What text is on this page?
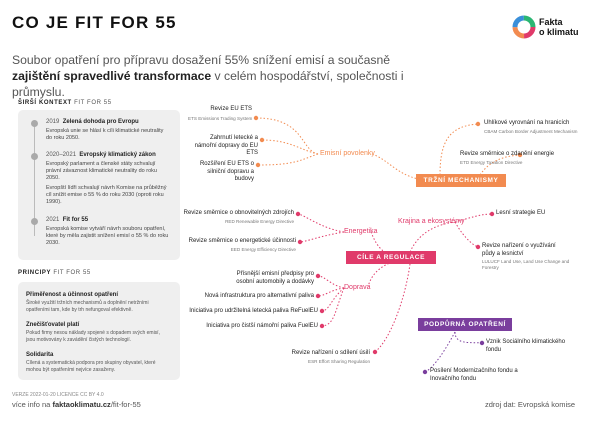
CO JE FIT FOR 55	Fakta
o klimatu
Soubor opatření pro přípravu dosažení 55% snížení emisí a současně zajištění spravedlivé transformace v celém hospodářství, společnosti i průmyslu.
ŠIRŠÍ KONTEXT FIT FOR 55
2019 Zelená dohoda pro Evropu
Evropská unie se hlásí k cíli klimatické neutrality do roku 2050.
2020–2021 Evropský klimatický zákon
Evropský parlament a členské státy schvalují právní závaznost klimatické neutrality do roku 2050.
Evropští lídři schvalují návrh Komise na průběžný cíl snížit emise o 55 % do roku 2030 (oproti roku 1990).
2021 Fit for 55
Evropská komise vytváří návrh souboru opatření, které by měla zajistit snížení emisí o 55 % do roku 2030.
PRINCIPY FIT FOR 55
Přiměřenost a účinnost opatření
Široké využití tržních mechanismů a doplnění netržními opatřeními tam, kde by trh nefungoval efektivně.
Znečišťovatel platí
Pokud firmy nesou náklady spojené s dopadem svých emisí, jsou motivovány k zavádění čistých technologií.
Solidarita
Cílená a systematická podpora pro skupiny obyvatel, které mohou být opatřeními nejvíce zasaženy.
VERZE 2022-01-20 LICENCE CC BY 4.0
více info na faktaoklimatu.cz/fit-for-55	zdroj dat: Evropská komise
TRŽNÍ MECHANISMY
CÍLE A REGULACE
PODPŮRNÁ OPATŘENÍ
Emisní povolenky
Energetika
Krajina a ekosystémy
Doprava
Revize EU ETS
ETS Emissions Trading System
Zahrnutí letecké a námořní dopravy do EU ETS
Rozšíření EU ETS o silniční dopravu a budovy
Uhlíkové vyrovnání na hranicích
CBAM Carbon Border Adjustment Mechanism
Revize směrnice o zdanění energie
ETD Energy Taxation Directive
Revize směrnice o obnovitelných zdrojích
RED Renewable Energy Directive
Revize směrnice o energetické účinnosti
EED Energy Efficiency Directive
Lesní strategie EU
Revize nařízení o využívání půdy a lesnictví
LULUCF Land Use, Land Use Change and Forestry
Přísnější emisní předpisy pro osobní automobily a dodávky
Nová infrastruktura pro alternativní paliva
Iniciativa pro udržitelná letecká paliva ReFuelEU
Iniciativa pro čistší námořní paliva FuelEU
Revize nařízení o sdílení úsilí
ESR Effort Sharing Regulation
Vznik Sociálního klimatického fondu
Posílení Modernizačního fondu a Inovačního fondu
